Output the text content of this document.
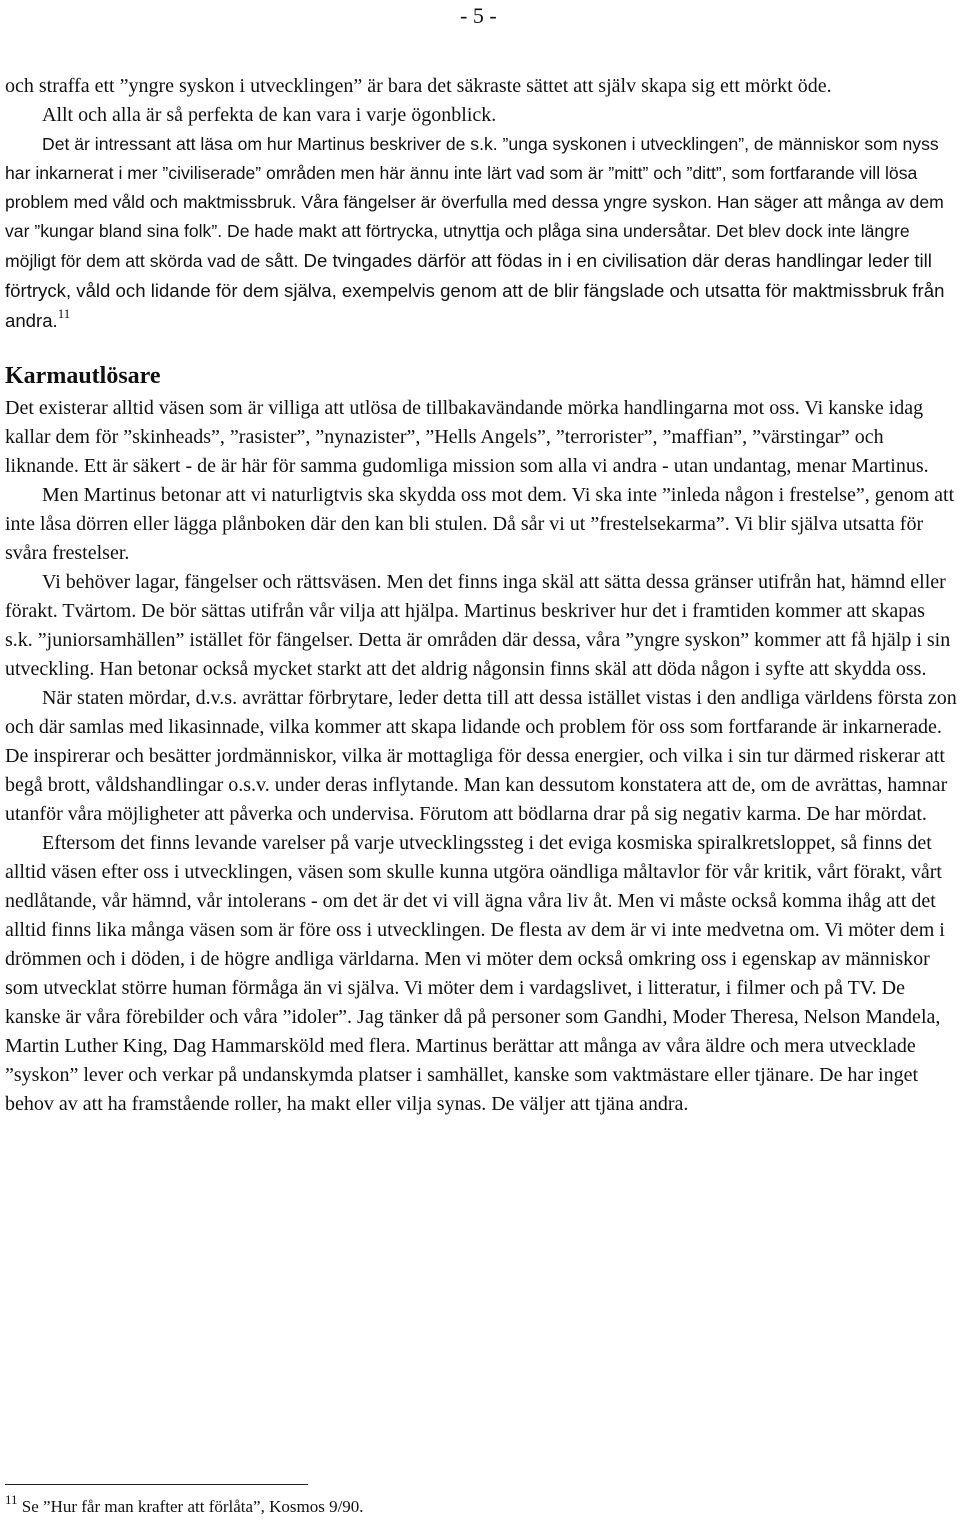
- 5 -

och straffa ett ”yngre syskon i utvecklingen” är bara det säkraste sättet att själv skapa sig ett mörkt öde.

Allt och alla är så perfekta de kan vara i varje ögonblick.

Det är intressant att läsa om hur Martinus beskriver de s.k. ”unga syskonen i utvecklingen”, de människor som nyss har inkarnerat i mer ”civiliserade” områden men här ännu inte lärt vad som är ”mitt” och ”ditt”, som fortfarande vill lösa problem med våld och maktmissbruk. Våra fängelser är överfulla med dessa yngre syskon. Han säger att många av dem var ”kungar bland sina folk”. De hade makt att förtrycka, utnyttja och plåga sina undersåtar. Det blev dock inte längre möjligt för dem att skörda vad de sått. De tvingades därför att födas in i en civilisation där deras handlingar leder till förtryck, våld och lidande för dem själva, exempelvis genom att de blir fängslade och utsatta för maktmissbruk från andra.$^{11}$

Karmautlösare

Det existerar alltid väsen som är villiga att utlösa de tillbakavändande mörka handlingarna mot oss. Vi kanske idag kallar dem för ”skinheads”, ”rasister”, ”nynazister”, ”Hells Angels”, ”terrorister”, ”maffian”, ”värstingar” och liknande. Ett är säkert - de är här för samma gudomliga mission som alla vi andra - utan undantag, menar Martinus.

Men Martinus betonar att vi naturligtvis ska skydda oss mot dem. Vi ska inte ”inleda någon i frestelse”, genom att inte låsa dörren eller lägga plånboken där den kan bli stulen. Då sår vi ut ”frestelsekarma”. Vi blir själva utsatta för svåra frestelser.

Vi behöver lagar, fängelser och rättsväsen. Men det finns inga skäl att sätta dessa gränser utifrån hat, hämnd eller förakt. Tvärtom. De bör sättas utifrån vår vilja att hjälpa. Martinus beskriver hur det i framtiden kommer att skapas s.k. ”juniorsamhällen” istället för fängelser. Detta är områden där dessa, våra ”yngre syskon” kommer att få hjälp i sin utveckling. Han betonar också mycket starkt att det aldrig någonsin finns skäl att döda någon i syfte att skydda oss.

När staten mördar, d.v.s. avrättar förbrytare, leder detta till att dessa istället vistas i den andliga världens första zon och där samlas med likasinnade, vilka kommer att skapa lidande och problem för oss som fortfarande är inkarnerade. De inspirerar och besätter jordmänniskor, vilka är mottagliga för dessa energier, och vilka i sin tur därmed riskerar att begå brott, våldshandlingar o.s.v. under deras inflytande. Man kan dessutom konstatera att de, om de avrättas, hamnar utanför våra möjligheter att påverka och undervisa. Förutom att bödlarna drar på sig negativ karma. De har mördat.

Eftersom det finns levande varelser på varje utvecklingssteg i det eviga kosmiska spiralkretsloppet, så finns det alltid väsen efter oss i utvecklingen, väsen som skulle kunna utgöra oändliga måltavlor för vår kritik, vårt förakt, vårt nedlåtande, vår hämnd, vår intolerans - om det är det vi vill ägna våra liv åt. Men vi måste också komma ihåg att det alltid finns lika många väsen som är före oss i utvecklingen. De flesta av dem är vi inte medvetna om. Vi möter dem i drömmen och i döden, i de högre andliga världarna. Men vi möter dem också omkring oss i egenskap av människor som utvecklat större human förmåga än vi själva. Vi möter dem i vardagslivet, i litteratur, i filmer och på TV. De kanske är våra förebilder och våra ”idoler”. Jag tänker då på personer som Gandhi, Moder Theresa, Nelson Mandela, Martin Luther King, Dag Hammarsköld med flera. Martinus berättar att många av våra äldre och mera utvecklade ”syskon” lever och verkar på undanskymda platser i samhället, kanske som vaktmästare eller tjänare. De har inget behov av att ha framstående roller, ha makt eller vilja synas. De väljer att tjäna andra.

$^{11}$ Se ”Hur får man krafter att förlåta”, Kosmos 9/90.
